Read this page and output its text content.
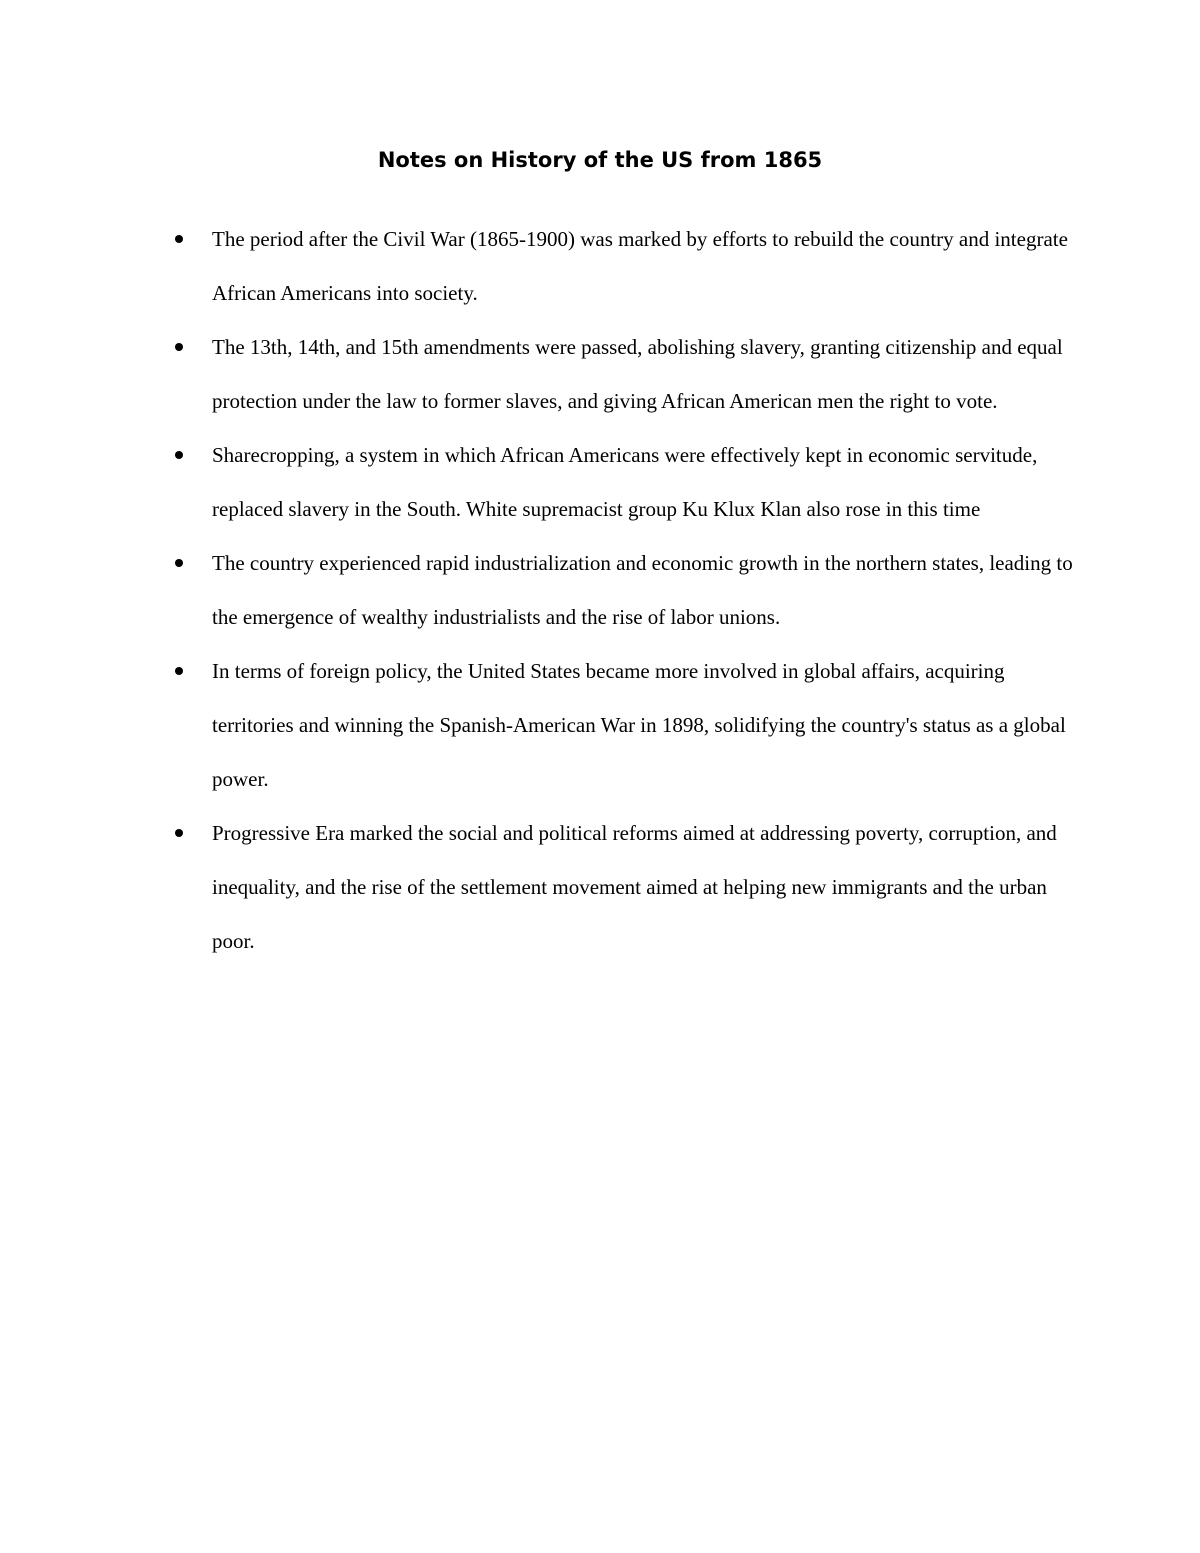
Notes on History of the US from 1865
The period after the Civil War (1865-1900) was marked by efforts to rebuild the country and integrate African Americans into society.
The 13th, 14th, and 15th amendments were passed, abolishing slavery, granting citizenship and equal protection under the law to former slaves, and giving African American men the right to vote.
Sharecropping, a system in which African Americans were effectively kept in economic servitude, replaced slavery in the South. White supremacist group Ku Klux Klan also rose in this time
The country experienced rapid industrialization and economic growth in the northern states, leading to the emergence of wealthy industrialists and the rise of labor unions.
In terms of foreign policy, the United States became more involved in global affairs, acquiring territories and winning the Spanish-American War in 1898, solidifying the country's status as a global power.
Progressive Era marked the social and political reforms aimed at addressing poverty, corruption, and inequality, and the rise of the settlement movement aimed at helping new immigrants and the urban poor.
